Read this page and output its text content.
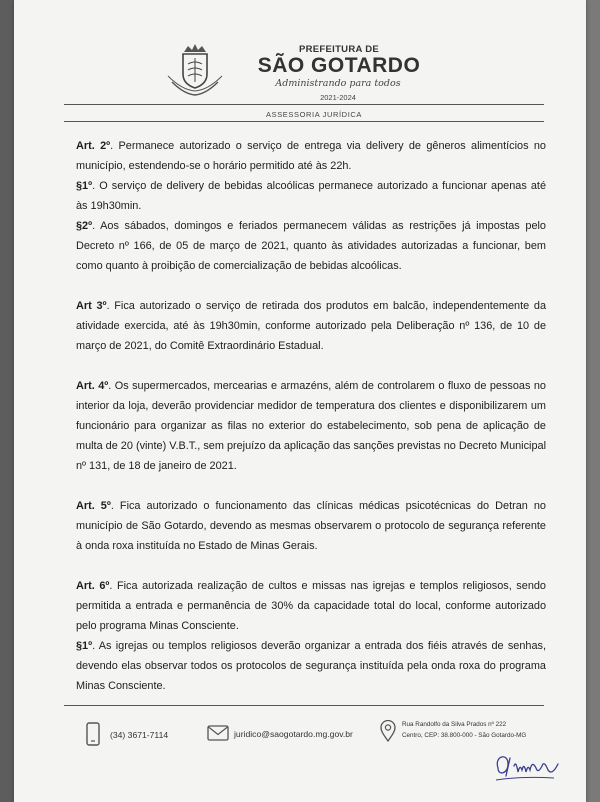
PREFEITURA DE
SÃO GOTARDO
Administrando para todos
2021-2024
ASSESSORIA JURÍDICA

Art. 2º. Permanece autorizado o serviço de entrega via delivery de gêneros alimentícios no município, estendendo-se o horário permitido até às 22h.

§1º. O serviço de delivery de bebidas alcoólicas permanece autorizado a funcionar apenas até às 19h30min.

§2º. Aos sábados, domingos e feriados permanecem válidas as restrições já impostas pelo Decreto nº 166, de 05 de março de 2021, quanto às atividades autorizadas a funcionar, bem como quanto à proibição de comercialização de bebidas alcoólicas.

Art 3º. Fica autorizado o serviço de retirada dos produtos em balcão, independentemente da atividade exercida, até às 19h30min, conforme autorizado pela Deliberação nº 136, de 10 de março de 2021, do Comitê Extraordinário Estadual.

Art. 4º. Os supermercados, mercearias e armazéns, além de controlarem o fluxo de pessoas no interior da loja, deverão providenciar medidor de temperatura dos clientes e disponibilizarem um funcionário para organizar as filas no exterior do estabelecimento, sob pena de aplicação de multa de 20 (vinte) V.B.T., sem prejuízo da aplicação das sanções previstas no Decreto Municipal nº 131, de 18 de janeiro de 2021.

Art. 5º. Fica autorizado o funcionamento das clínicas médicas psicotécnicas do Detran no município de São Gotardo, devendo as mesmas observarem o protocolo de segurança referente à onda roxa instituída no Estado de Minas Gerais.

Art. 6º. Fica autorizada realização de cultos e missas nas igrejas e templos religiosos, sendo permitida a entrada e permanência de 30% da capacidade total do local, conforme autorizado pelo programa Minas Consciente.

§1º. As igrejas ou templos religiosos deverão organizar a entrada dos fiéis através de senhas, devendo elas observar todos os protocolos de segurança instituída pela onda roxa do programa Minas Consciente.

(34) 3671-7114	juridico@saogotardo.mg.gov.br
Rua Randolfo da Silva Prados nº 222
Centro, CEP: 38.800-000 - São Gotardo-MG
